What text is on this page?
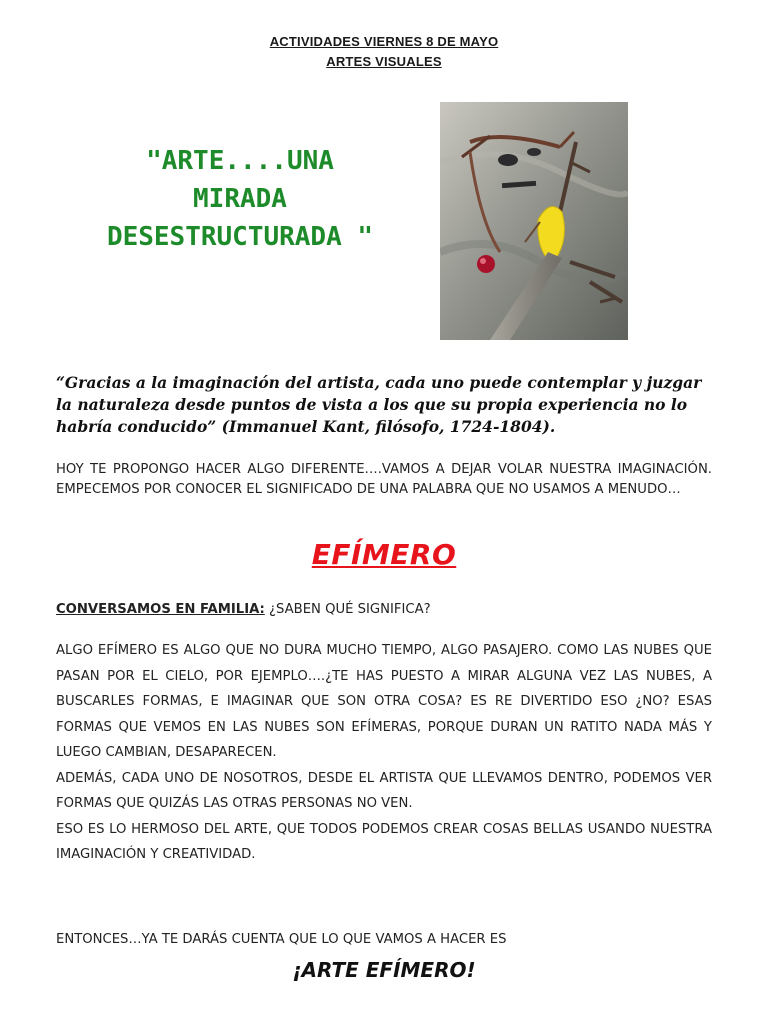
ACTIVIDADES VIERNES 8 DE MAYO
ARTES VISUALES
"ARTE....UNA
MIRADA
DESESTRUCTURADA "
“Gracias a la imaginación del artista, cada uno puede contemplar y juzgar la naturaleza desde puntos de vista a los que su propia experiencia no lo habría conducido” (Immanuel Kant, filósofo, 1724-1804).
HOY TE PROPONGO HACER ALGO DIFERENTE….VAMOS A DEJAR VOLAR NUESTRA IMAGINACIÓN. EMPECEMOS POR CONOCER EL SIGNIFICADO DE UNA PALABRA QUE NO USAMOS A MENUDO…
EFÍMERO
CONVERSAMOS EN FAMILIA: ¿SABEN QUÉ SIGNIFICA?

ALGO EFÍMERO ES ALGO QUE NO DURA MUCHO TIEMPO, ALGO PASAJERO. COMO LAS NUBES QUE PASAN POR EL CIELO, POR EJEMPLO….¿TE HAS PUESTO A MIRAR ALGUNA VEZ LAS NUBES, A BUSCARLES FORMAS, E IMAGINAR QUE SON OTRA COSA? ES RE DIVERTIDO ESO ¿NO? ESAS FORMAS QUE VEMOS EN LAS NUBES SON EFÍMERAS, PORQUE DURAN UN RATITO NADA MÁS Y LUEGO CAMBIAN, DESAPARECEN.

ADEMÁS, CADA UNO DE NOSOTROS, DESDE EL ARTISTA QUE LLEVAMOS DENTRO, PODEMOS VER FORMAS QUE QUIZÁS LAS OTRAS PERSONAS NO VEN.

ESO ES LO HERMOSO DEL ARTE, QUE TODOS PODEMOS CREAR COSAS BELLAS USANDO NUESTRA IMAGINACIÓN Y CREATIVIDAD.

ENTONCES…YA TE DARÁS CUENTA QUE LO QUE VAMOS A HACER ES
¡ARTE EFÍMERO!
